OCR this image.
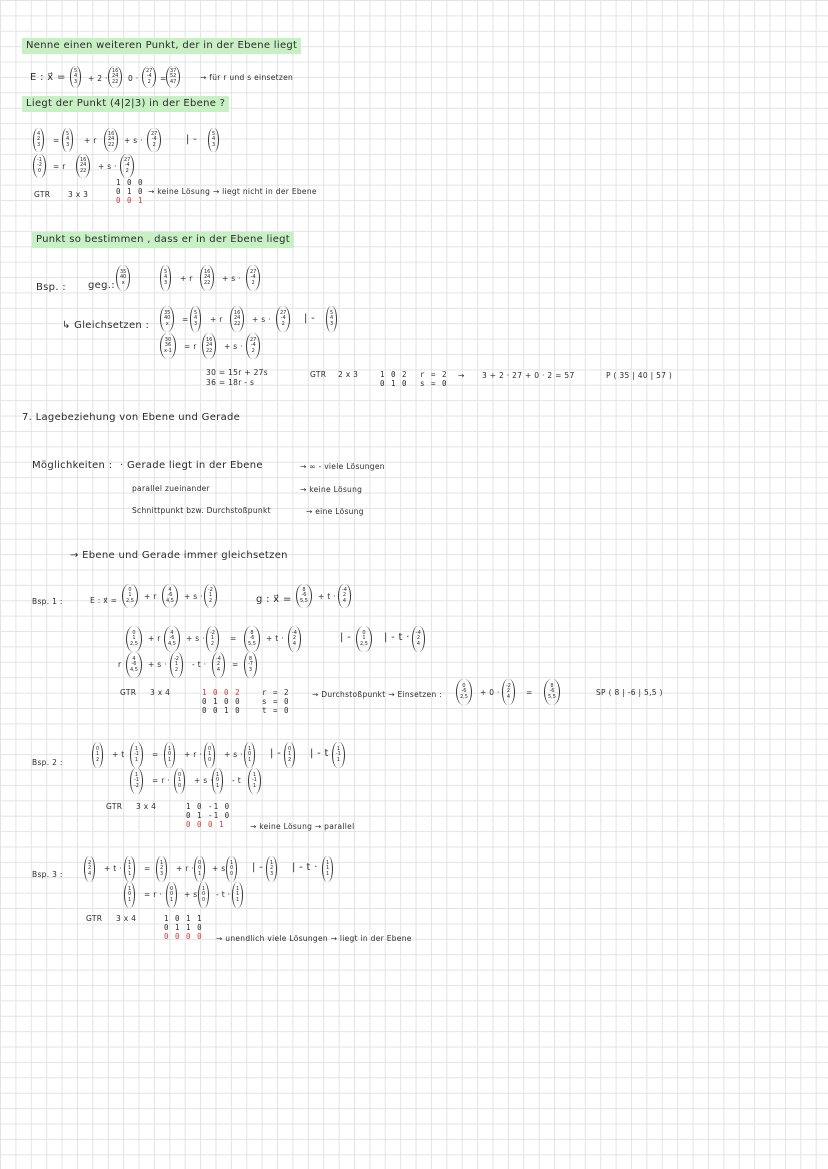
Nenne einen weiteren Punkt, der in der Ebene liegt
E : x⃗ =
5
4
3 + 2 ·
16
24
22 0 ·
27
-4
2 =
37
52
47	→ für r und s einsetzen
Liegt der Punkt (4|2|3) in der Ebene ?
4
2
3 =
5
4
3 + r
16
24
22 + s ·
27
-4
2	| -
5
4
3
-1
-2
0 = r
16
24
22 + s ·
27
-4
2
GTR 3 x 3
1 0 0
0 1 0
0 0 1
→ keine Lösung → liegt nicht in der Ebene
Punkt so bestimmen , dass er in der Ebene liegt
Bsp. : geg.:
35
40
x
5
4
3 + r
16
24
22 + s ·
27
-4
2
↳ Gleichsetzen :
35
40
x =
5
4
3 + r
16
24
22 + s ·
27
-4
2 | -
5
4
3
30
36
x-1 = r
16
24
22 + s ·
27
-4
2
30 = 15r + 27s
36 = 18r - s
GTR 2 x 3	1 0 2
0 1 0
r = 2
s = 0
→ 3 + 2 · 27 + 0 · 2 = 57	P ( 35 | 40 | 57 )
7. Lagebeziehung von Ebene und Gerade
Möglichkeiten : · Gerade liegt in der Ebene	→ ∞ - viele Lösungen
parallel zueinander	→ keine Lösung
Schnittpunkt bzw. Durchstoßpunkt	→ eine Lösung
→ Ebene und Gerade immer gleichsetzen
Bsp. 1 :	E : x⃗ =
0
1
2,5 + r
4
-6
4,5 + s ·
-2
1
2	g : x⃗ =
8
-6
5,5 + t ·
-4
2
4
0
1
2,5
+ r
4
-6
4,5
+ s ·
-2
1
2
=
8
-6
5,5
+ t ·
-4
2
4
| - 0
1
2,5
| - t · -4
2
4
r
4
-6
4,5
+ s ·
-2
1
2
- t ·
-4
2
4
=
8
-7
3
GTR 3 x 4	1 0 0 2
0 1 0 0
0 0 1 0
r = 2
s = 0
t = 0
→ Durchstoßpunkt → Einsetzen :
0
-6
2,5 + 0 ·
-2
2
4 =
8
-6
5,5	SP ( 8 | -6 | 5,5 )
Bsp. 2 :
0
1
2
+ t
1
-1
1
=
1
0
1
+ r ·
0
1
0
+ s ·
1
0
1
| - 0
1
2
| - t 1
-1
1
1
-1
-2
= r ·
0
1
0
+ s ·
1
0
1
- t
1
-1
1
GTR 3 x 4	1 0 -1 0
0 1 -1 0
0 0 0 1	→ keine Lösung → parallel
Bsp. 3 :
2
2
4
+ t ·
1
1
1
=
1
2
3
+ r ·
0
0
1
+ s
1
0
0
| - 1
2
3
| - t · 1
1
1
1
0
1
= r ·
0
0
1
+ s
1
0
0
- t ·
1
1
1
GTR 3 x 4	1 0 1 1
0 1 1 0
0 0 0 0 → unendlich viele Lösungen → liegt in der Ebene
